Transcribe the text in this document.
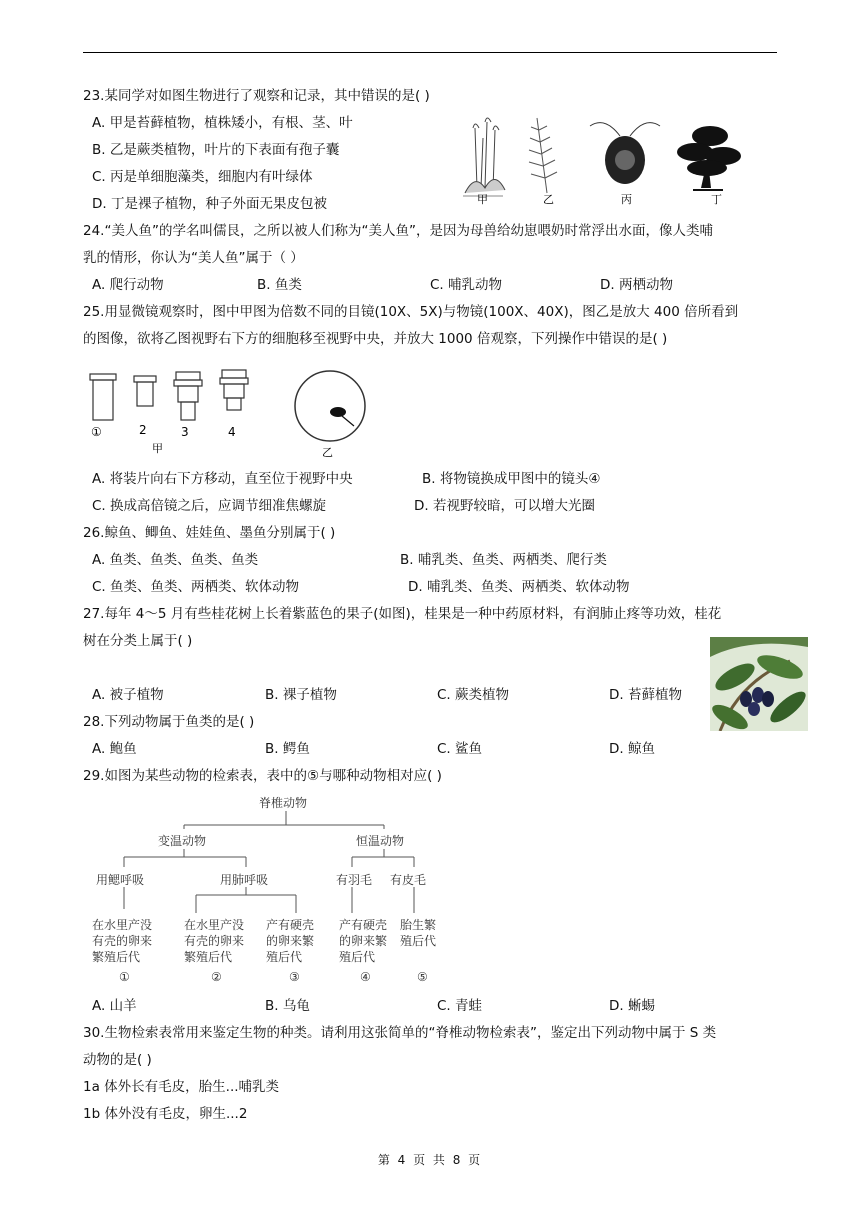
23.某同学对如图生物进行了观察和记录，其中错误的是( )
A. 甲是苔藓植物，植株矮小，有根、茎、叶
B. 乙是蕨类植物，叶片的下表面有孢子囊
C. 丙是单细胞藻类，细胞内有叶绿体
D. 丁是裸子植物，种子外面无果皮包被	甲	乙	丙	丁
24.“美人鱼”的学名叫儒艮，之所以被人们称为“美人鱼”，是因为母兽给幼崽喂奶时常浮出水面，像人类哺
乳的情形，你认为“美人鱼”属于（ ）
A. 爬行动物	B. 鱼类	C. 哺乳动物	D. 两栖动物
25.用显微镜观察时，图中甲图为倍数不同的目镜(10X、5X)与物镜(100X、40X)，图乙是放大 400 倍所看到
的图像，欲将乙图视野右下方的细胞移至视野中央，并放大 1000 倍观察，下列操作中错误的是( )
①	2	3	4
甲	乙
A. 将装片向右下方移动，直至位于视野中央	B. 将物镜换成甲图中的镜头④
C. 换成高倍镜之后，应调节细准焦螺旋	D. 若视野较暗，可以增大光圈
26.鲸鱼、鲫鱼、娃娃鱼、墨鱼分别属于( )
A. 鱼类、鱼类、鱼类、鱼类	B. 哺乳类、鱼类、两栖类、爬行类
C. 鱼类、鱼类、两栖类、软体动物	D. 哺乳类、鱼类、两栖类、软体动物
27.每年 4～5 月有些桂花树上长着紫蓝色的果子(如图)，桂果是一种中药原材料，有润肺止疼等功效，桂花
树在分类上属于( )
A. 被子植物	B. 裸子植物	C. 蕨类植物	D. 苔藓植物
28.下列动物属于鱼类的是( )
A. 鲍鱼	B. 鳄鱼	C. 鲨鱼	D. 鲸鱼
29.如图为某些动物的检索表，表中的⑤与哪种动物相对应( )
脊椎动物
变温动物	恒温动物
用鳃呼吸	用肺呼吸	有羽毛 有皮毛
在水里产没
有壳的卵来
繁殖后代
在水里产没
有壳的卵来
繁殖后代
产有硬壳
的卵来繁
殖后代
产有硬壳
的卵来繁
殖后代
胎生繁
殖后代
①	②	③	④	⑤
A. 山羊	B. 乌龟	C. 青蛙	D. 蜥蜴
30.生物检索表常用来鉴定生物的种类。请利用这张简单的“脊椎动物检索表”，鉴定出下列动物中属于 S 类
动物的是( )
1a 体外长有毛皮，胎生...哺乳类
1b 体外没有毛皮，卵生...2
第 4 页 共 8 页
